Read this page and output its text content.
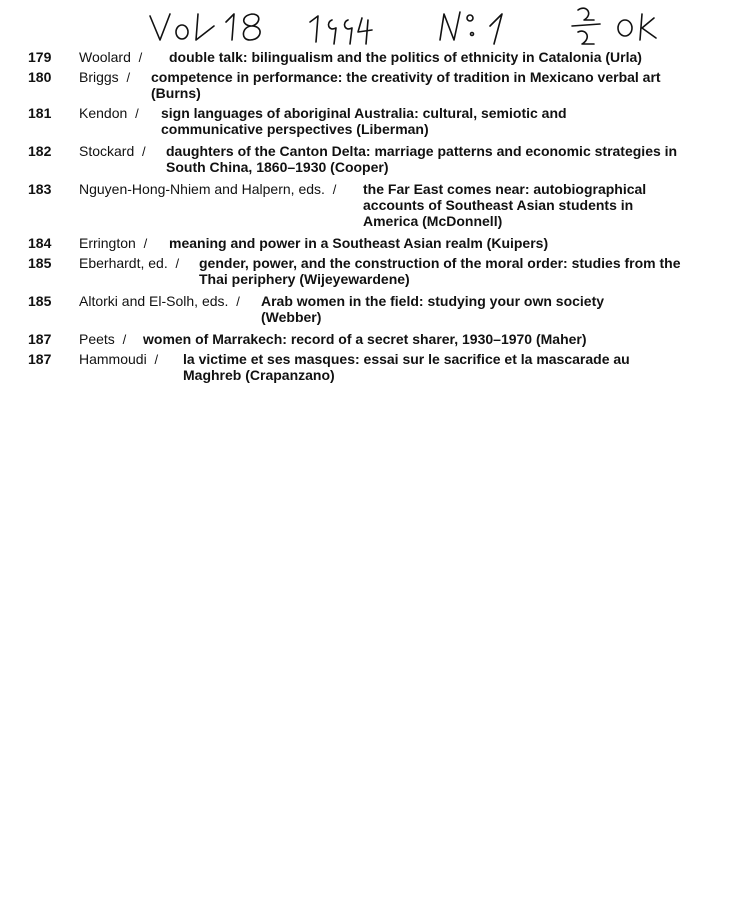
179	Woolard / double talk: bilingualism and the politics of ethnicity in Catalonia (Urla)
180	Briggs / competence in performance: the creativity of tradition in Mexicano verbal art (Burns)
181	Kendon / sign languages of aboriginal Australia: cultural, semiotic and communicative perspectives (Liberman)
182	Stockard / daughters of the Canton Delta: marriage patterns and economic strategies in South China, 1860–1930 (Cooper)
183	Nguyen-Hong-Nhiem and Halpern, eds. / the Far East comes near: autobiographical accounts of Southeast Asian students in America (McDonnell)
184	Errington / meaning and power in a Southeast Asian realm (Kuipers)
185	Eberhardt, ed. / gender, power, and the construction of the moral order: studies from the Thai periphery (Wijeyewardene)
185	Altorki and El-Solh, eds. / Arab women in the field: studying your own society (Webber)
187	Peets / women of Marrakech: record of a secret sharer, 1930–1970 (Maher)
187	Hammoudi / la victime et ses masques: essai sur le sacrifice et la mascarade au Maghreb (Crapanzano)
